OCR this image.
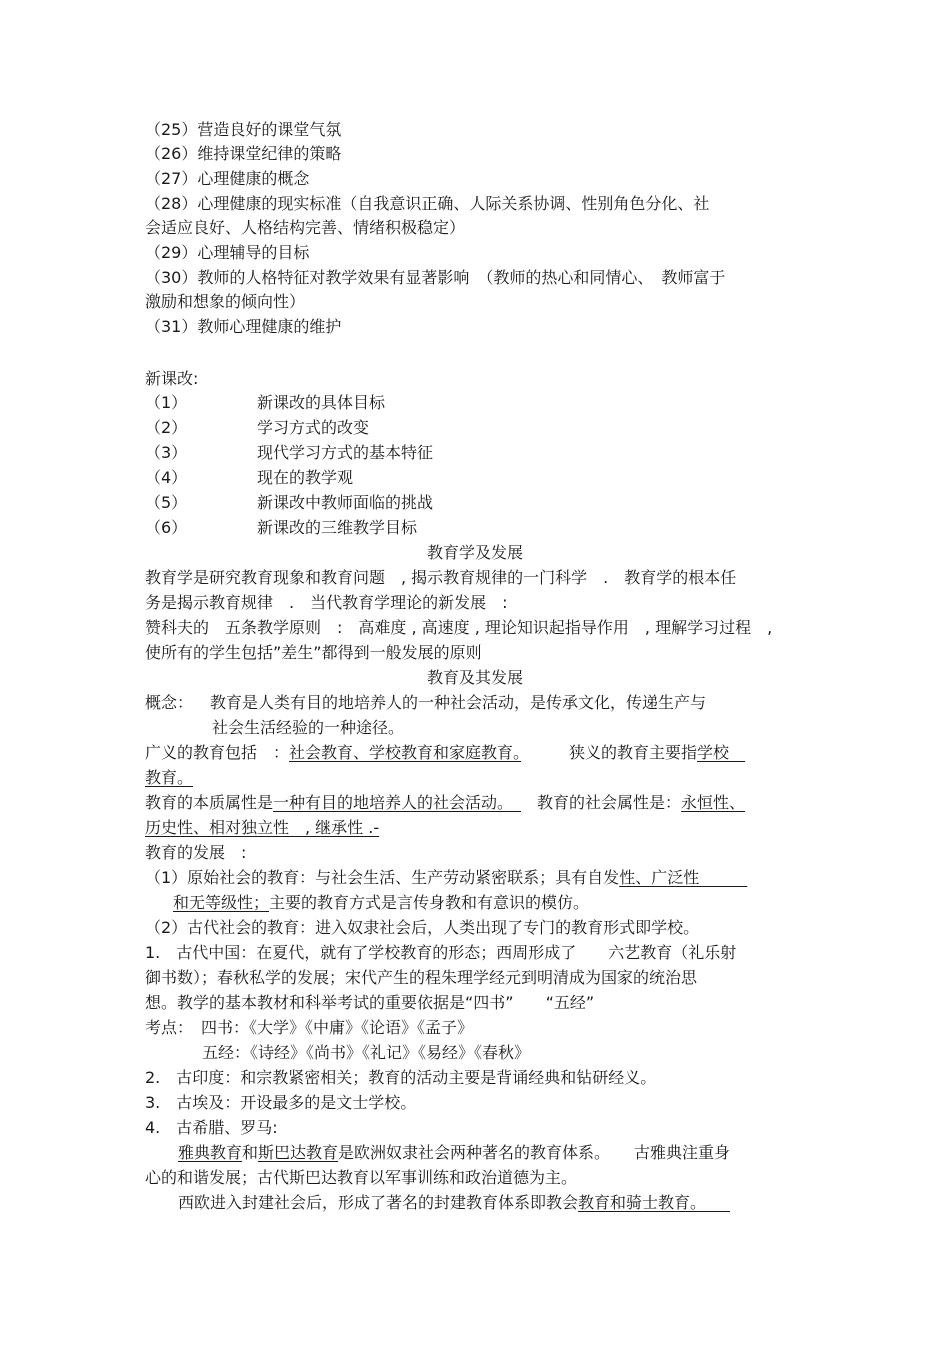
（25）营造良好的课堂气氛
（26）维持课堂纪律的策略
（27）心理健康的概念
（28）心理健康的现实标准（自我意识正确、人际关系协调、性别角色分化、社
会适应良好、人格结构完善、情绪积极稳定）
（29）心理辅导的目标
（30）教师的人格特征对教学效果有显著影响　（教师的热心和同情心、　教师富于
激励和想象的倾向性）
（31）教师心理健康的维护
新课改:
（1）	新课改的具体目标
（2）	学习方式的改变
（3）	现代学习方式的基本特征
（4）	现在的教学观
（5）	新课改中教师面临的挑战
（6）	新课改的三维教学目标
教育学及发展
教育学是研究教育现象和教育问题　, 揭示教育规律的一门科学　.　教育学的根本任
务是揭示教育规律　.　当代教育学理论的新发展　:
赞科夫的　五条教学原则　:　高难度 , 高速度 , 理论知识起指导作用　, 理解学习过程　,
使所有的学生包括”差生”都得到一般发展的原则
教育及其发展
概念： 教育是人类有目的地培养人的一种社会活动，是传承文化，传递生产与
社会生活经验的一种途径。
广义的教育包括　：社会教育、学校教育和家庭教育。　　　狭义的教育主要指学校　
教育。
教育的本质属性是一种有目的地培养人的社会活动。　　教育的社会属性是：永恒性、
历史性、相对独立性　, 继承性 .-
教育的发展　:
（1）原始社会的教育：与社会生活、生产劳动紧密联系；具有自发性、广泛性　　　
和无等级性；主要的教育方式是言传身教和有意识的模仿。
（2）古代社会的教育：进入奴隶社会后，人类出现了专门的教育形式即学校。
1.　古代中国：在夏代，就有了学校教育的形态；西周形成了　　六艺教育（礼乐射
御书数）；春秋私学的发展；宋代产生的程朱理学经元到明清成为国家的统治思
想。教学的基本教材和科举考试的重要依据是“四书”　　“五经”
考点：　四书：《大学》《中庸》《论语》《孟子》
五经：《诗经》《尚书》《礼记》《易经》《春秋》
2.　古印度：和宗教紧密相关；教育的活动主要是背诵经典和钻研经义。
3.　古埃及：开设最多的是文士学校。
4.　古希腊、罗马:
雅典教育和斯巴达教育是欧洲奴隶社会两种著名的教育体系。　　古雅典注重身
心的和谐发展；古代斯巴达教育以军事训练和政治道德为主。
西欧进入封建社会后，形成了著名的封建教育体系即教会教育和骑士教育。　　
